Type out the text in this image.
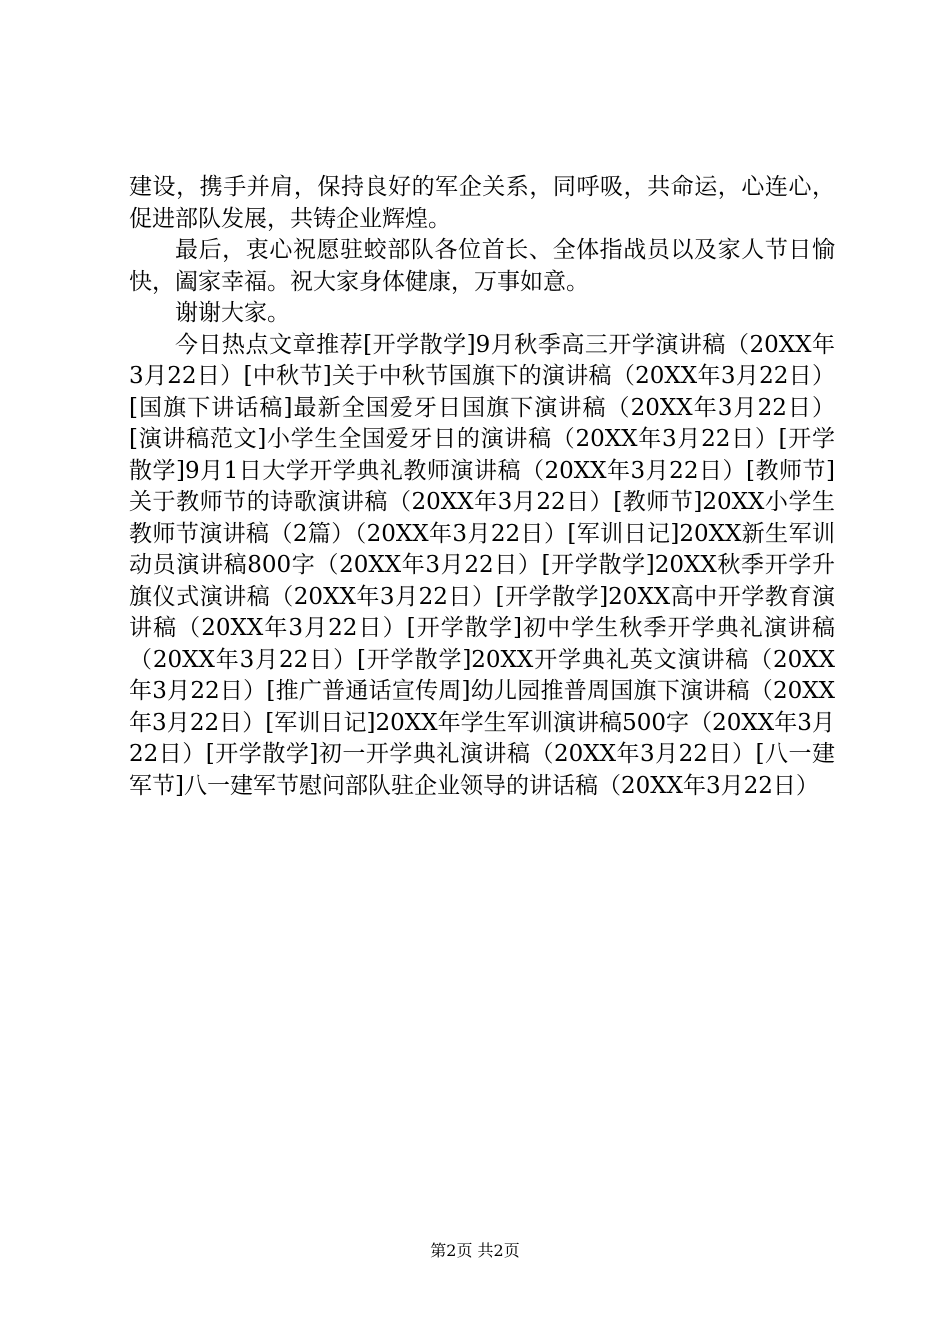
建设，携手并肩，保持良好的军企关系，同呼吸，共命运，心连心，促进部队发展，共铸企业辉煌。

最后，衷心祝愿驻蛟部队各位首长、全体指战员以及家人节日愉快，阖家幸福。祝大家身体健康，万事如意。

谢谢大家。

今日热点文章推荐[开学散学]9月秋季高三开学演讲稿（20XX年3月22日）[中秋节]关于中秋节国旗下的演讲稿（20XX年3月22日）[国旗下讲话稿]最新全国爱牙日国旗下演讲稿（20XX年3月22日）[演讲稿范文]小学生全国爱牙日的演讲稿（20XX年3月22日）[开学散学]9月1日大学开学典礼教师演讲稿（20XX年3月22日）[教师节]关于教师节的诗歌演讲稿（20XX年3月22日）[教师节]20XX小学生教师节演讲稿（2篇）（20XX年3月22日）[军训日记]20XX新生军训动员演讲稿800字（20XX年3月22日）[开学散学]20XX秋季开学升旗仪式演讲稿（20XX年3月22日）[开学散学]20XX高中开学教育演讲稿（20XX年3月22日）[开学散学]初中学生秋季开学典礼演讲稿（20XX年3月22日）[开学散学]20XX开学典礼英文演讲稿（20XX年3月22日）[推广普通话宣传周]幼儿园推普周国旗下演讲稿（20XX年3月22日）[军训日记]20XX年学生军训演讲稿500字（20XX年3月22日）[开学散学]初一开学典礼演讲稿（20XX年3月22日）[八一建军节]八一建军节慰问部队驻企业领导的讲话稿（20XX年3月22日）

第2页 共2页
